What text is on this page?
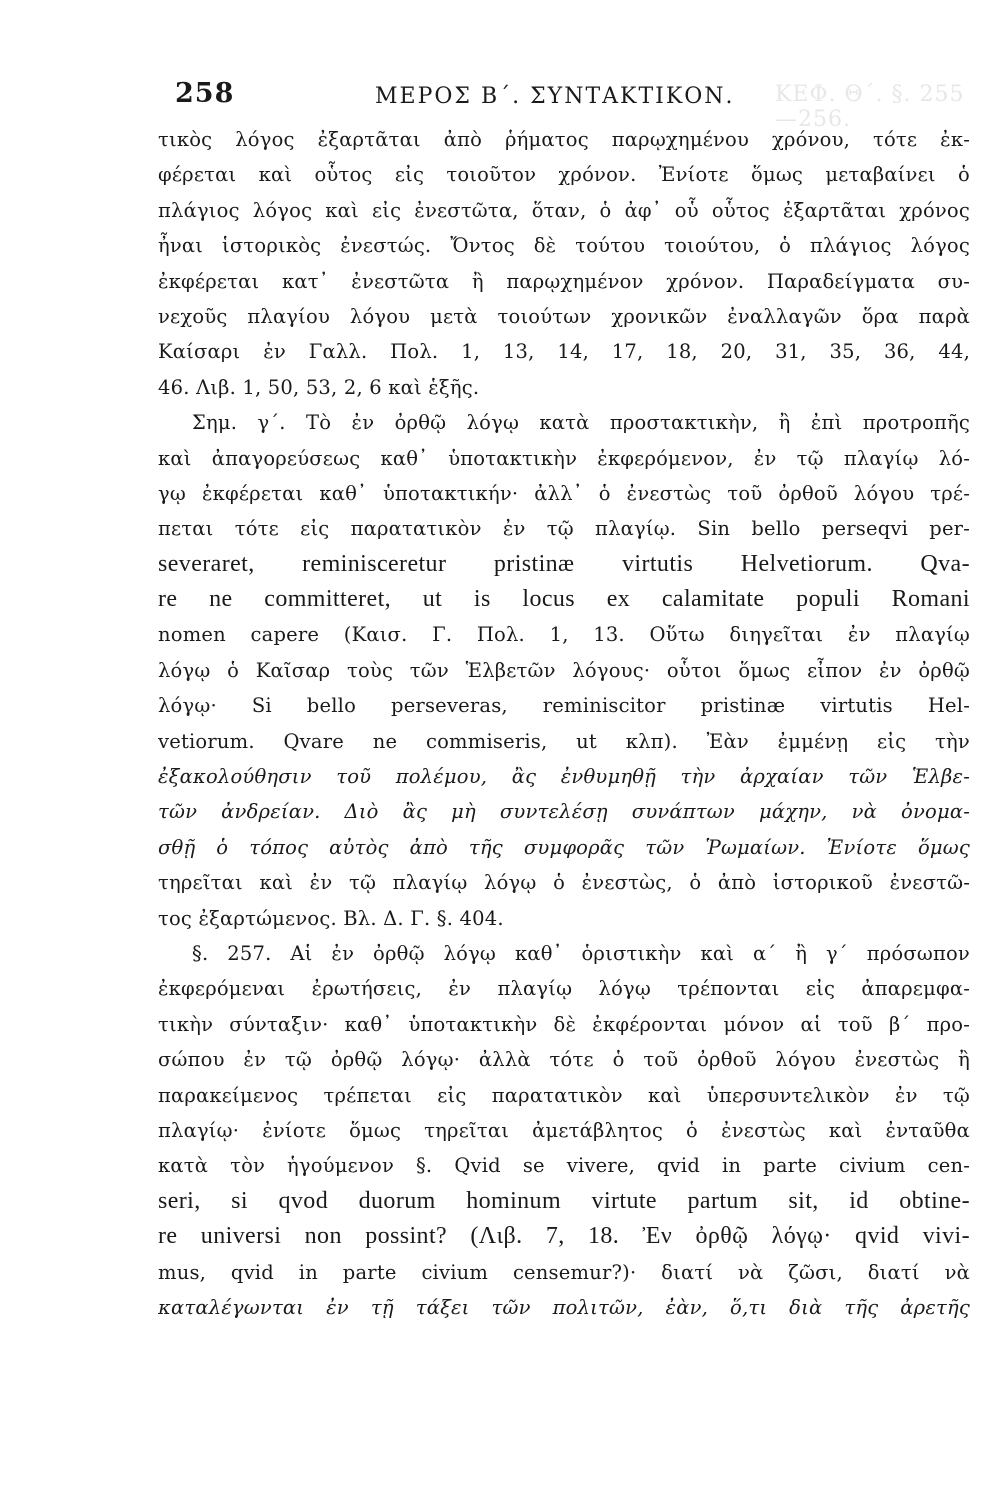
258	ΜΕΡΟΣ Β΄. ΣΥΝΤΑΚΤΙΚΟΝ. ΚΕΦ. Θ΄. §. 255—256.
τικὸς λόγος ἐξαρτᾶται ἀπὸ ῥήματος παρῳχημένου χρόνου, τότε ἐκ-
φέρεται καὶ οὗτος εἰς τοιοῦτον χρόνον. Ἐνίοτε ὅμως μεταβαίνει ὁ
πλάγιος λόγος καὶ εἰς ἐνεστῶτα, ὅταν, ὁ ἀφ᾽ οὗ οὗτος ἐξαρτᾶται χρόνος
ἦναι ἱστορικὸς ἐνεστώς. Ὄντος δὲ τούτου τοιούτου, ὁ πλάγιος λόγος
ἐκφέρεται κατ᾽ ἐνεστῶτα ἢ παρῳχημένον χρόνον. Παραδείγματα συ-
νεχοῦς πλαγίου λόγου μετὰ τοιούτων χρονικῶν ἐναλλαγῶν ὅρα παρὰ
Καίσαρι ἐν Γαλλ. Πολ. 1, 13, 14, 17, 18, 20, 31, 35, 36, 44,
46. Λιβ. 1, 50, 53, 2, 6 καὶ ἑξῆς.
Σημ. γ΄. Τὸ ἐν ὀρθῷ λόγῳ κατὰ προστακτικὴν, ἢ ἐπὶ προτροπῆς
καὶ ἀπαγορεύσεως καθ᾽ ὑποτακτικὴν ἐκφερόμενον, ἐν τῷ πλαγίῳ λό-
γῳ ἐκφέρεται καθ᾽ ὑποτακτικήν· ἀλλ᾽ ὁ ἐνεστὼς τοῦ ὀρθοῦ λόγου τρέ-
πεται τότε εἰς παρατατικὸν ἐν τῷ πλαγίῳ. Sin bello perseqvi per-
severaret, reminisceretur pristinæ virtutis Helvetiorum. Qva-
re ne committeret, ut is locus ex calamitate populi Romani
nomen capere (Καισ. Γ. Πολ. 1, 13. Οὕτω διηγεῖται ἐν πλαγίῳ
λόγῳ ὁ Καῖσαρ τοὺς τῶν Ἑλβετῶν λόγους· οὗτοι ὅμως εἶπον ἐν ὀρθῷ
λόγῳ· Si bello perseveras, reminiscitor pristinæ virtutis Hel-
vetiorum. Qvare ne commiseris, ut κλπ). Ἐὰν ἐμμένῃ εἰς τὴν
ἐξακολούθησιν τοῦ πολέμου, ἂς ἐνθυμηθῇ τὴν ἀρχαίαν τῶν Ἑλβε-
τῶν ἀνδρείαν. Διὸ ἂς μὴ συντελέσῃ συνάπτων μάχην, νὰ ὀνομα-
σθῇ ὁ τόπος αὐτὸς ἀπὸ τῆς συμφορᾶς τῶν Ῥωμαίων. Ἐνίοτε ὅμως
τηρεῖται καὶ ἐν τῷ πλαγίῳ λόγῳ ὁ ἐνεστὼς, ὁ ἀπὸ ἱστορικοῦ ἐνεστῶ-
τος ἐξαρτώμενος. Βλ. Δ. Γ. §. 404.
§. 257. Αἱ ἐν ὀρθῷ λόγῳ καθ᾽ ὁριστικὴν καὶ α΄ ἢ γ΄ πρόσωπον
ἐκφερόμεναι ἐρωτήσεις, ἐν πλαγίῳ λόγῳ τρέπονται εἰς ἀπαρεμφα-
τικὴν σύνταξιν· καθ᾽ ὑποτακτικὴν δὲ ἐκφέρονται μόνον αἱ τοῦ β΄ προ-
σώπου ἐν τῷ ὀρθῷ λόγῳ· ἀλλὰ τότε ὁ τοῦ ὀρθοῦ λόγου ἐνεστὼς ἢ
παρακείμενος τρέπεται εἰς παρατατικὸν καὶ ὑπερσυντελικὸν ἐν τῷ
πλαγίῳ· ἐνίοτε ὅμως τηρεῖται ἀμετάβλητος ὁ ἐνεστὼς καὶ ἐνταῦθα
κατὰ τὸν ἡγούμενον §. Qvid se vivere, qvid in parte civium cen-
seri, si qvod duorum hominum virtute partum sit, id obtine-
re universi non possint? (Λιβ. 7, 18. Ἐν ὀρθῷ λόγῳ· qvid vivi-
mus, qvid in parte civium censemur?)· διατί νὰ ζῶσι, διατί νὰ
καταλέγωνται ἐν τῇ τάξει τῶν πολιτῶν, ἐὰν, ὅ,τι διὰ τῆς ἀρετῆς
